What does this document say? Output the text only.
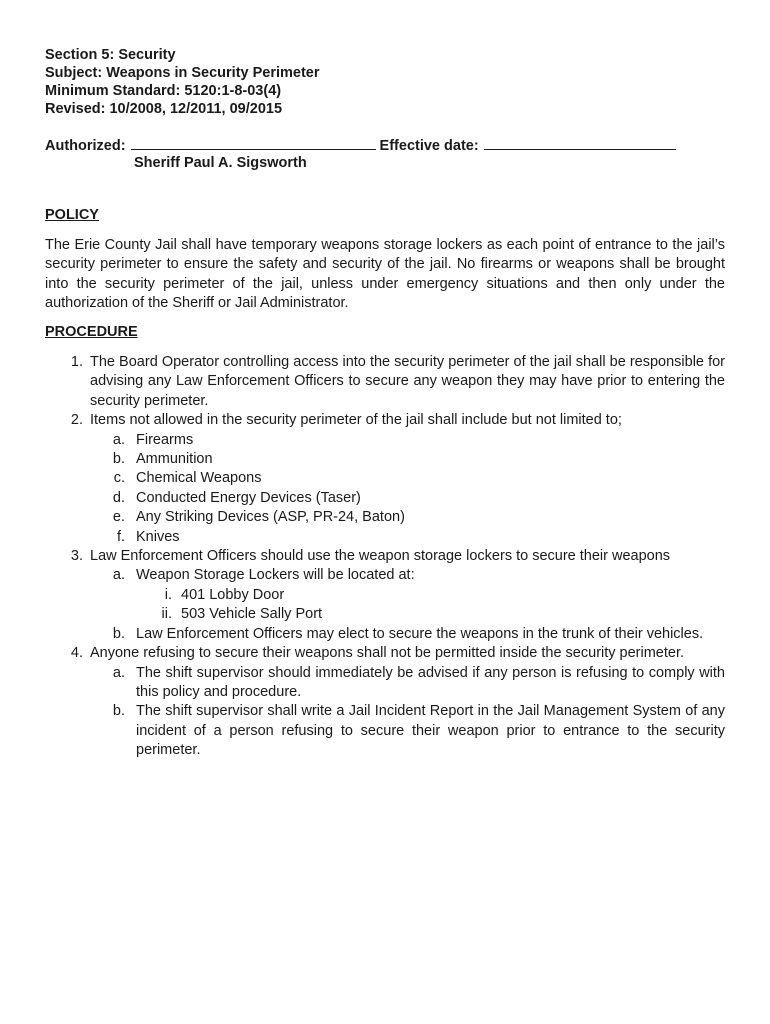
Section 5: Security
Subject: Weapons in Security Perimeter
Minimum Standard: 5120:1-8-03(4)
Revised: 10/2008, 12/2011, 09/2015
Authorized:	Effective date:
Sheriff Paul A. Sigsworth
POLICY
The Erie County Jail shall have temporary weapons storage lockers as each point of entrance to the jail’s security perimeter to ensure the safety and security of the jail. No firearms or weapons shall be brought into the security perimeter of the jail, unless under emergency situations and then only under the authorization of the Sheriff or Jail Administrator.
PROCEDURE
1. The Board Operator controlling access into the security perimeter of the jail shall be responsible for advising any Law Enforcement Officers to secure any weapon they may have prior to entering the security perimeter.
2. Items not allowed in the security perimeter of the jail shall include but not limited to;
a. Firearms
b. Ammunition
c. Chemical Weapons
d. Conducted Energy Devices (Taser)
e. Any Striking Devices (ASP, PR-24, Baton)
f. Knives
3. Law Enforcement Officers should use the weapon storage lockers to secure their weapons
a. Weapon Storage Lockers will be located at:
i. 401 Lobby Door
ii. 503 Vehicle Sally Port
b. Law Enforcement Officers may elect to secure the weapons in the trunk of their vehicles.
4. Anyone refusing to secure their weapons shall not be permitted inside the security perimeter.
a. The shift supervisor should immediately be advised if any person is refusing to comply with this policy and procedure.
b. The shift supervisor shall write a Jail Incident Report in the Jail Management System of any incident of a person refusing to secure their weapon prior to entrance to the security perimeter.
